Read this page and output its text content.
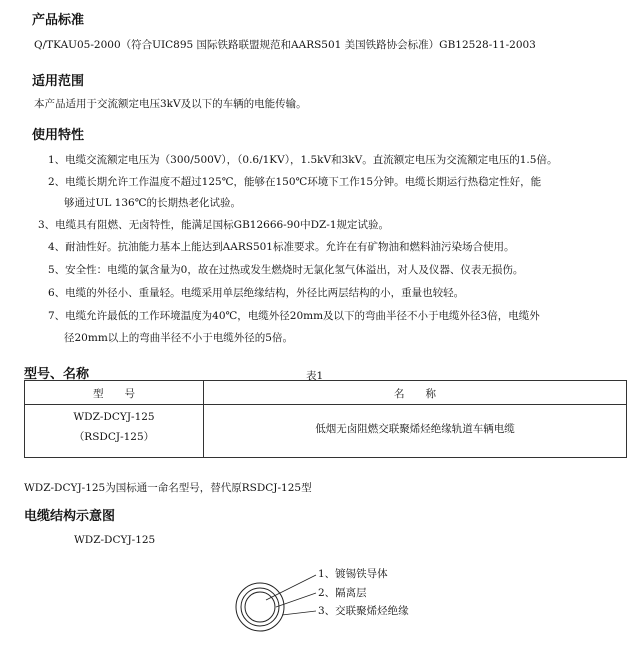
产品标准
Q/TKAU05-2000（符合UIC895 国际铁路联盟规范和AARS501 美国铁路协会标准）GB12528-11-2003
适用范围
本产品适用于交流额定电压3kV及以下的车辆的电能传输。
使用特性
1、电缆交流额定电压为（300/500V），（0.6/1KV），1.5kV和3kV。直流额定电压为交流额定电压的1.5倍。
2、电缆长期允许工作温度不超过125℃，能够在150℃环境下工作15分钟。电缆长期运行热稳定性好，能
够通过UL 136℃的长期热老化试验。
3、电缆具有阻燃、无卤特性，能满足国标GB12666-90中DZ-1规定试验。
4、耐油性好。抗油能力基本上能达到AARS501标准要求。允许在有矿物油和燃料油污染场合使用。
5、安全性：电缆的氯含量为0，故在过热或发生燃烧时无氯化氢气体溢出，对人及仪器、仪表无损伤。
6、电缆的外径小、重量轻。电缆采用单层绝缘结构，外径比两层结构的小，重量也较轻。
7、电缆允许最低的工作环境温度为40℃，电缆外径20mm及以下的弯曲半径不小于电缆外径3倍，电缆外
径20mm以上的弯曲半径不小于电缆外径的5倍。
型号、名称	表1
型　　号	名　　称
WDZ-DCYJ-125
（RSDCJ-125）
低烟无卤阻燃交联聚烯烃绝缘轨道车辆电缆
WDZ-DCYJ-125为国标通一命名型号，替代原RSDCJ-125型
电缆结构示意图
WDZ-DCYJ-125
1、镀锡铁导体
2、隔离层
3、交联聚烯烃绝缘
